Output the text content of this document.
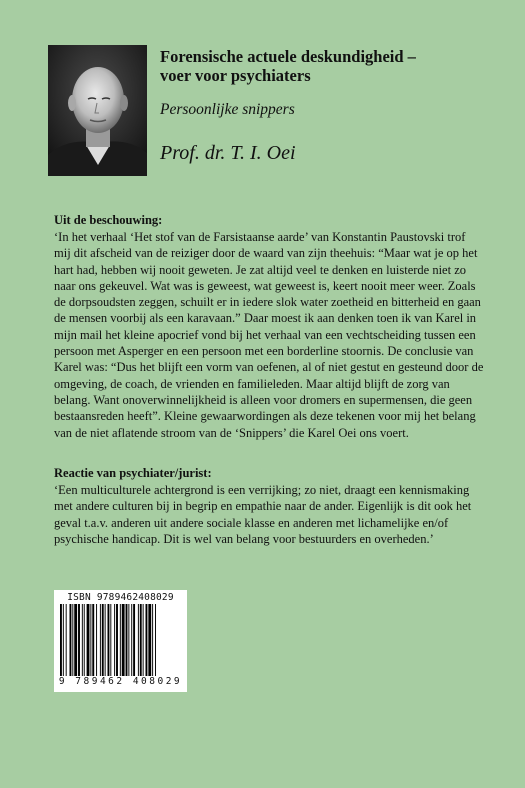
Forensische actuele deskundigheid –
voer voor psychiaters
Persoonlijke snippers
Prof. dr. T. I. Oei
Uit de beschouwing:
‘In het verhaal ‘Het stof van de Farsistaanse aarde’ van Konstantin Paustovski trof mij dit afscheid van de reiziger door de waard van zijn theehuis: “Maar wat je op het hart had, hebben wij nooit geweten. Je zat altijd veel te denken en luisterde niet zo naar ons gekeuvel. Wat was is geweest, wat geweest is, keert nooit meer weer. Zoals de dorpsoudsten zeggen, schuilt er in iedere slok water zoetheid en bitterheid en gaan de mensen voorbij als een karavaan.” Daar moest ik aan denken toen ik van Karel in mijn mail het kleine apocrief vond bij het verhaal van een vechtscheiding tussen een persoon met Asperger en een persoon met een borderline stoornis. De conclusie van Karel was: “Dus het blijft een vorm van oefenen, al of niet gestut en gesteund door de omgeving, de coach, de vrienden en familieleden. Maar altijd blijft de zorg van belang. Want onoverwinnelijkheid is alleen voor dromers en supermensen, die geen bestaansreden heeft”. Kleine gewaarwordingen als deze tekenen voor mij het belang van de niet aflatende stroom van de ‘Snippers’ die Karel Oei ons voert.
Reactie van psychiater/jurist:
‘Een multiculturele achtergrond is een verrijking; zo niet, draagt een kennismaking met andere culturen bij in begrip en empathie naar de ander. Eigenlijk is dit ook het geval t.a.v. anderen uit andere sociale klasse en anderen met lichamelijke en/of psychische handicap. Dit is wel van belang voor bestuurders en overheden.’
ISBN 9789462408029
9 789462 408029
